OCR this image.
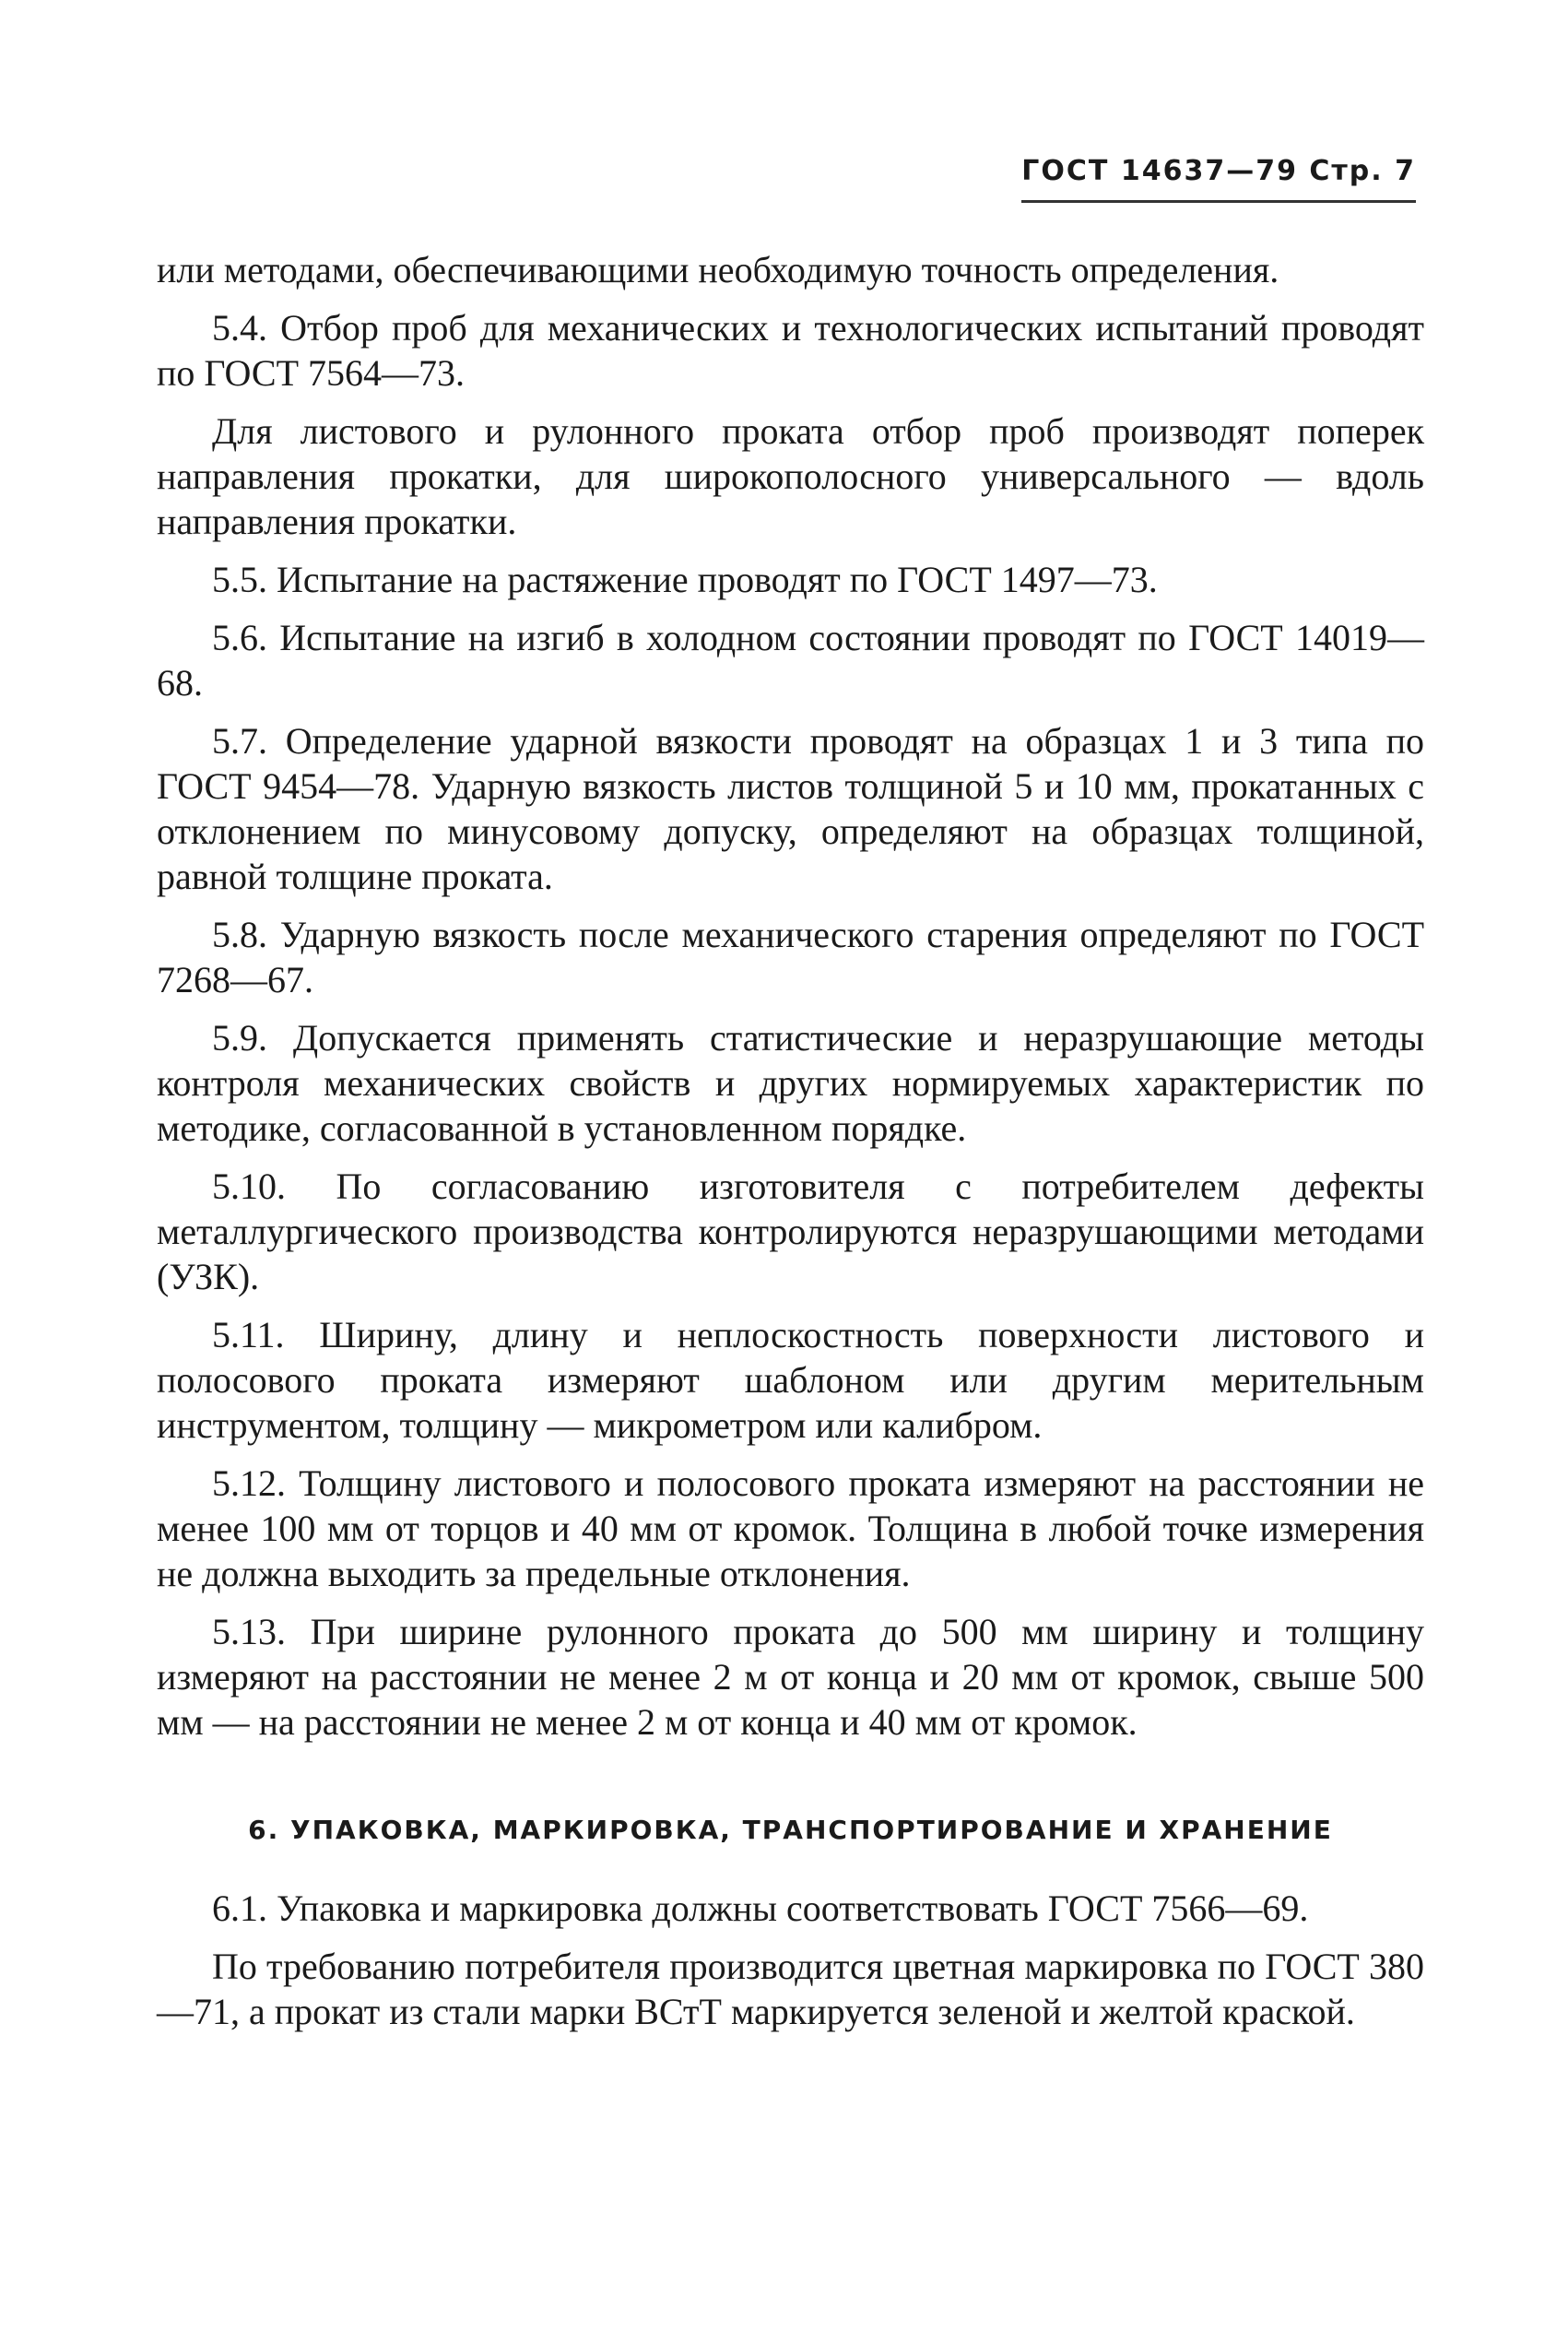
ГОСТ 14637—79 Стр. 7

или методами, обеспечивающими необходимую точность определения.

5.4. Отбор проб для механических и технологических испытаний проводят по ГОСТ 7564—73.

Для листового и рулонного проката отбор проб производят поперек направления прокатки, для широкополосного универсального — вдоль направления прокатки.

5.5. Испытание на растяжение проводят по ГОСТ 1497—73.

5.6. Испытание на изгиб в холодном состоянии проводят по ГОСТ 14019—68.

5.7. Определение ударной вязкости проводят на образцах 1 и 3 типа по ГОСТ 9454—78. Ударную вязкость листов толщиной 5 и 10 мм, прокатанных с отклонением по минусовому допуску, определяют на образцах толщиной, равной толщине проката.

5.8. Ударную вязкость после механического старения определяют по ГОСТ 7268—67.

5.9. Допускается применять статистические и неразрушающие методы контроля механических свойств и других нормируемых характеристик по методике, согласованной в установленном порядке.

5.10. По согласованию изготовителя с потребителем дефекты металлургического производства контролируются неразрушающими методами (УЗК).

5.11. Ширину, длину и неплоскостность поверхности листового и полосового проката измеряют шаблоном или другим мерительным инструментом, толщину — микрометром или калибром.

5.12. Толщину листового и полосового проката измеряют на расстоянии не менее 100 мм от торцов и 40 мм от кромок. Толщина в любой точке измерения не должна выходить за предельные отклонения.

5.13. При ширине рулонного проката до 500 мм ширину и толщину измеряют на расстоянии не менее 2 м от конца и 20 мм от кромок, свыше 500 мм — на расстоянии не менее 2 м от конца и 40 мм от кромок.

6. УПАКОВКА, МАРКИРОВКА, ТРАНСПОРТИРОВАНИЕ И ХРАНЕНИЕ

6.1. Упаковка и маркировка должны соответствовать ГОСТ 7566—69.

По требованию потребителя производится цветная маркировка по ГОСТ 380—71, а прокат из стали марки ВСтТ маркируется зеленой и желтой краской.
